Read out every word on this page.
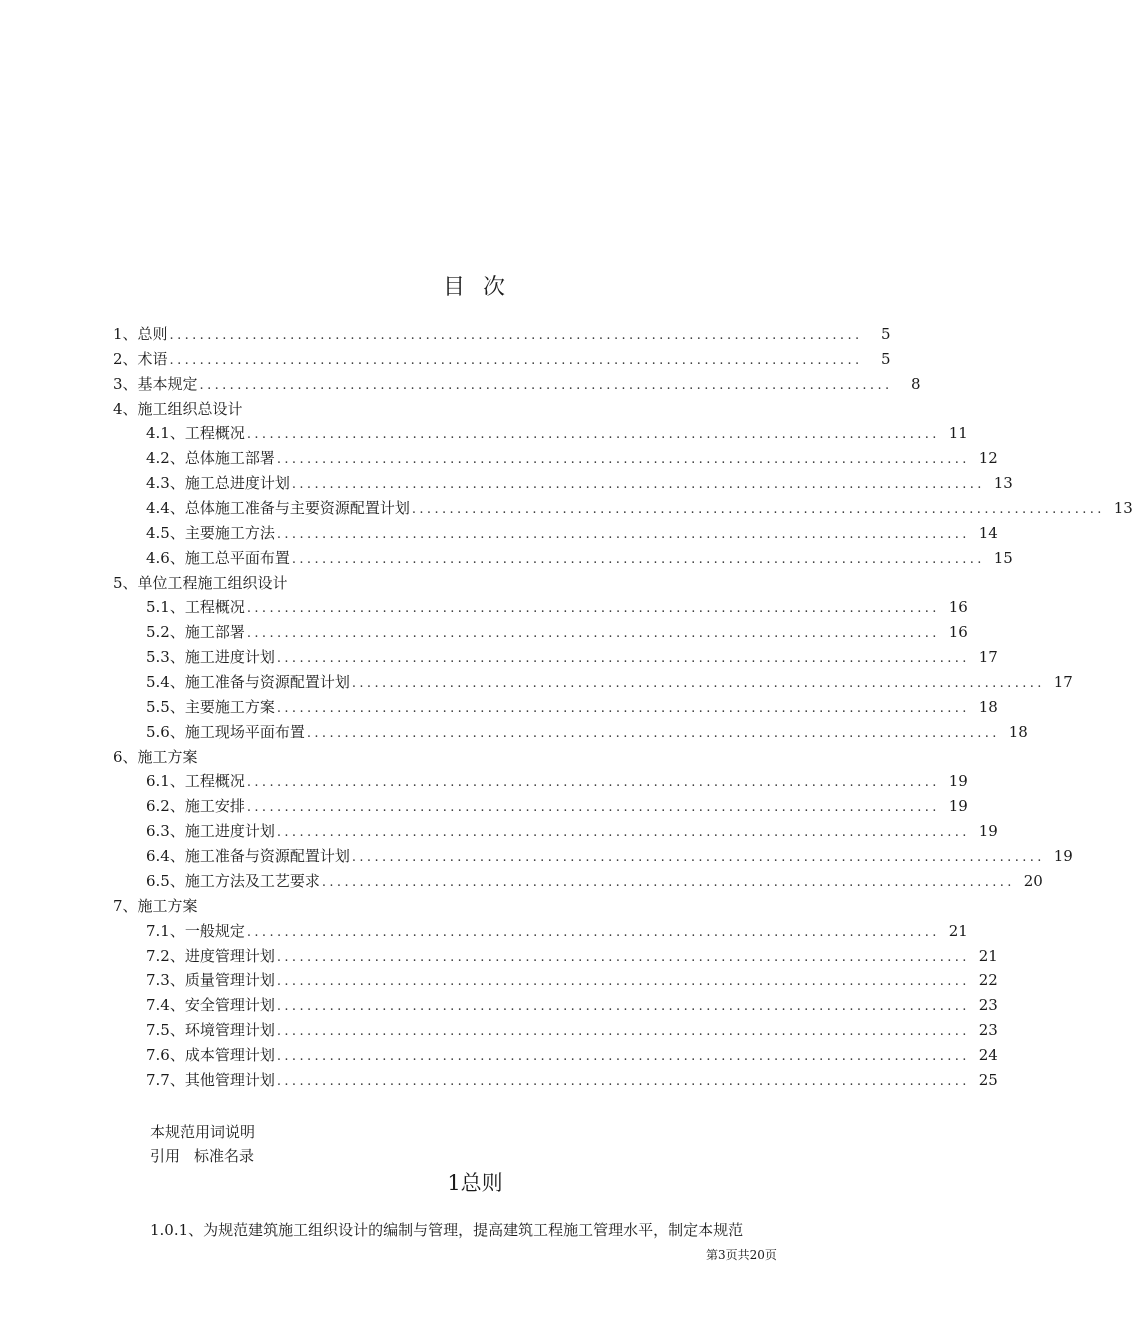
目 次
1、总则 ............................................................................................	5
2、术语 ............................................................................................	5
3、基本规定 ............................................................................................	8
4、施工组织总设计
4.1、工程概况 ............................................................................................ 11
4.2、总体施工部署 ............................................................................................ 12
4.3、施工总进度计划 ............................................................................................ 13
4.4、总体施工准备与主要资源配置计划 ............................................................................................ 13
4.5、主要施工方法 ............................................................................................ 14
4.6、施工总平面布置 ............................................................................................ 15
5、单位工程施工组织设计
5.1、工程概况 ............................................................................................ 16
5.2、施工部署 ............................................................................................ 16
5.3、施工进度计划 ............................................................................................ 17
5.4、施工准备与资源配置计划 ............................................................................................ 17
5.5、主要施工方案 ............................................................................................ 18
5.6、施工现场平面布置 ............................................................................................ 18
6、施工方案
6.1、工程概况 ............................................................................................ 19
6.2、施工安排 ............................................................................................ 19
6.3、施工进度计划 ............................................................................................ 19
6.4、施工准备与资源配置计划 ............................................................................................ 19
6.5、施工方法及工艺要求 ............................................................................................ 20
7、施工方案
7.1、一般规定 ............................................................................................ 21
7.2、进度管理计划 ............................................................................................ 21
7.3、质量管理计划 ............................................................................................ 22
7.4、安全管理计划 ............................................................................................ 23
7.5、环境管理计划 ............................................................................................ 23
7.6、成本管理计划 ............................................................................................ 24
7.7、其他管理计划 ............................................................................................ 25
本规范用词说明
引用 标准名录
1总则
1.0.1、为规范建筑施工组织设计的编制与管理，提高建筑工程施工管理水平，制定本规范
第3页共20页
